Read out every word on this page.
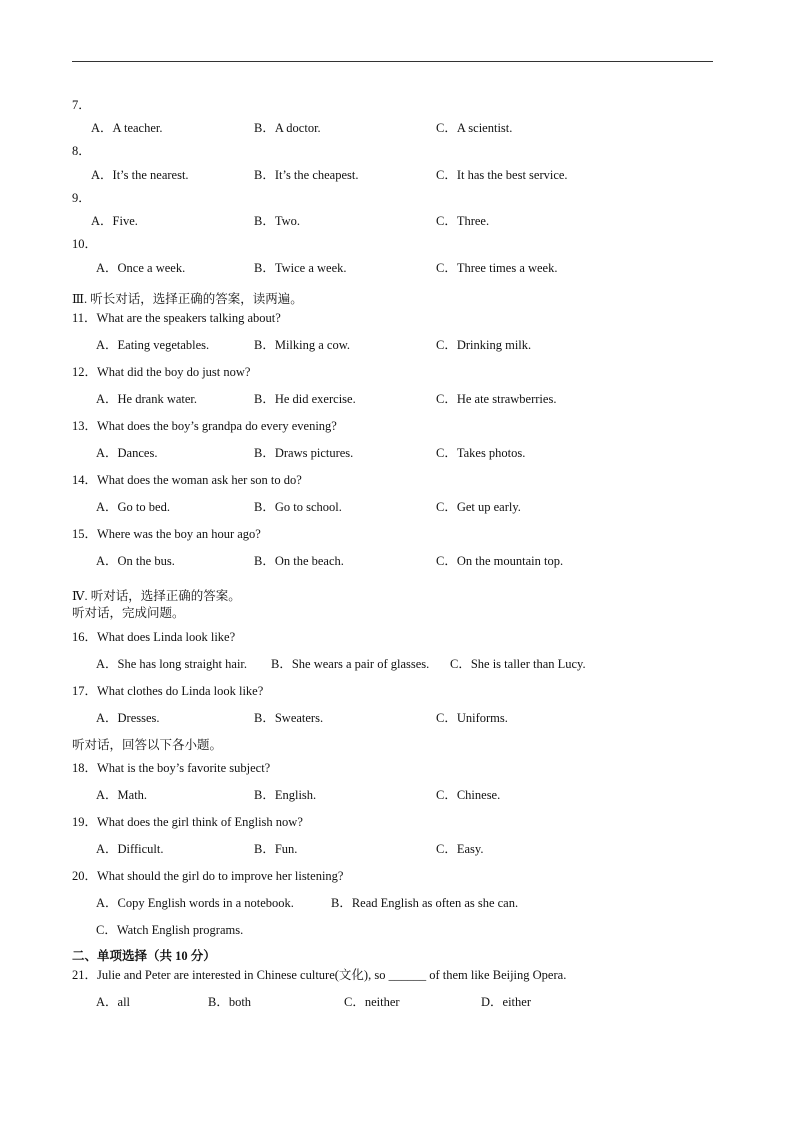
7．
A．A teacher.	B．A doctor.	C．A scientist.
8．
A．It’s the nearest.	B．It’s the cheapest.	C．It has the best service.
9．
A．Five.	B．Two.	C．Three.
10．
A．Once a week.	B．Twice a week.	C．Three times a week.
Ⅲ. 听长对话，选择正确的答案，读两遍。
11．What are the speakers talking about?
A．Eating vegetables.	B．Milking a cow.	C．Drinking milk.
12．What did the boy do just now?
A．He drank water.	B．He did exercise.	C．He ate strawberries.
13．What does the boy’s grandpa do every evening?
A．Dances.	B．Draws pictures.	C．Takes photos.
14．What does the woman ask her son to do?
A．Go to bed.	B．Go to school.	C．Get up early.
15．Where was the boy an hour ago?
A．On the bus.	B．On the beach.	C．On the mountain top.
Ⅳ. 听对话，选择正确的答案。
听对话，完成问题。
16．What does Linda look like?
A．She has long straight hair. B．She wears a pair of glasses. C．She is taller than Lucy.
17．What clothes do Linda look like?
A．Dresses.	B．Sweaters.	C．Uniforms.
听对话，回答以下各小题。
18．What is the boy’s favorite subject?
A．Math.	B．English.	C．Chinese.
19．What does the girl think of English now?
A．Difficult.	B．Fun.	C．Easy.
20．What should the girl do to improve her listening?
A．Copy English words in a notebook.	B．Read English as often as she can.
C．Watch English programs.
二、单项选择（共 10 分）
21．Julie and Peter are interested in Chinese culture(文化), so ______ of them like Beijing Opera.
A．all	B．both	C．neither	D．either
